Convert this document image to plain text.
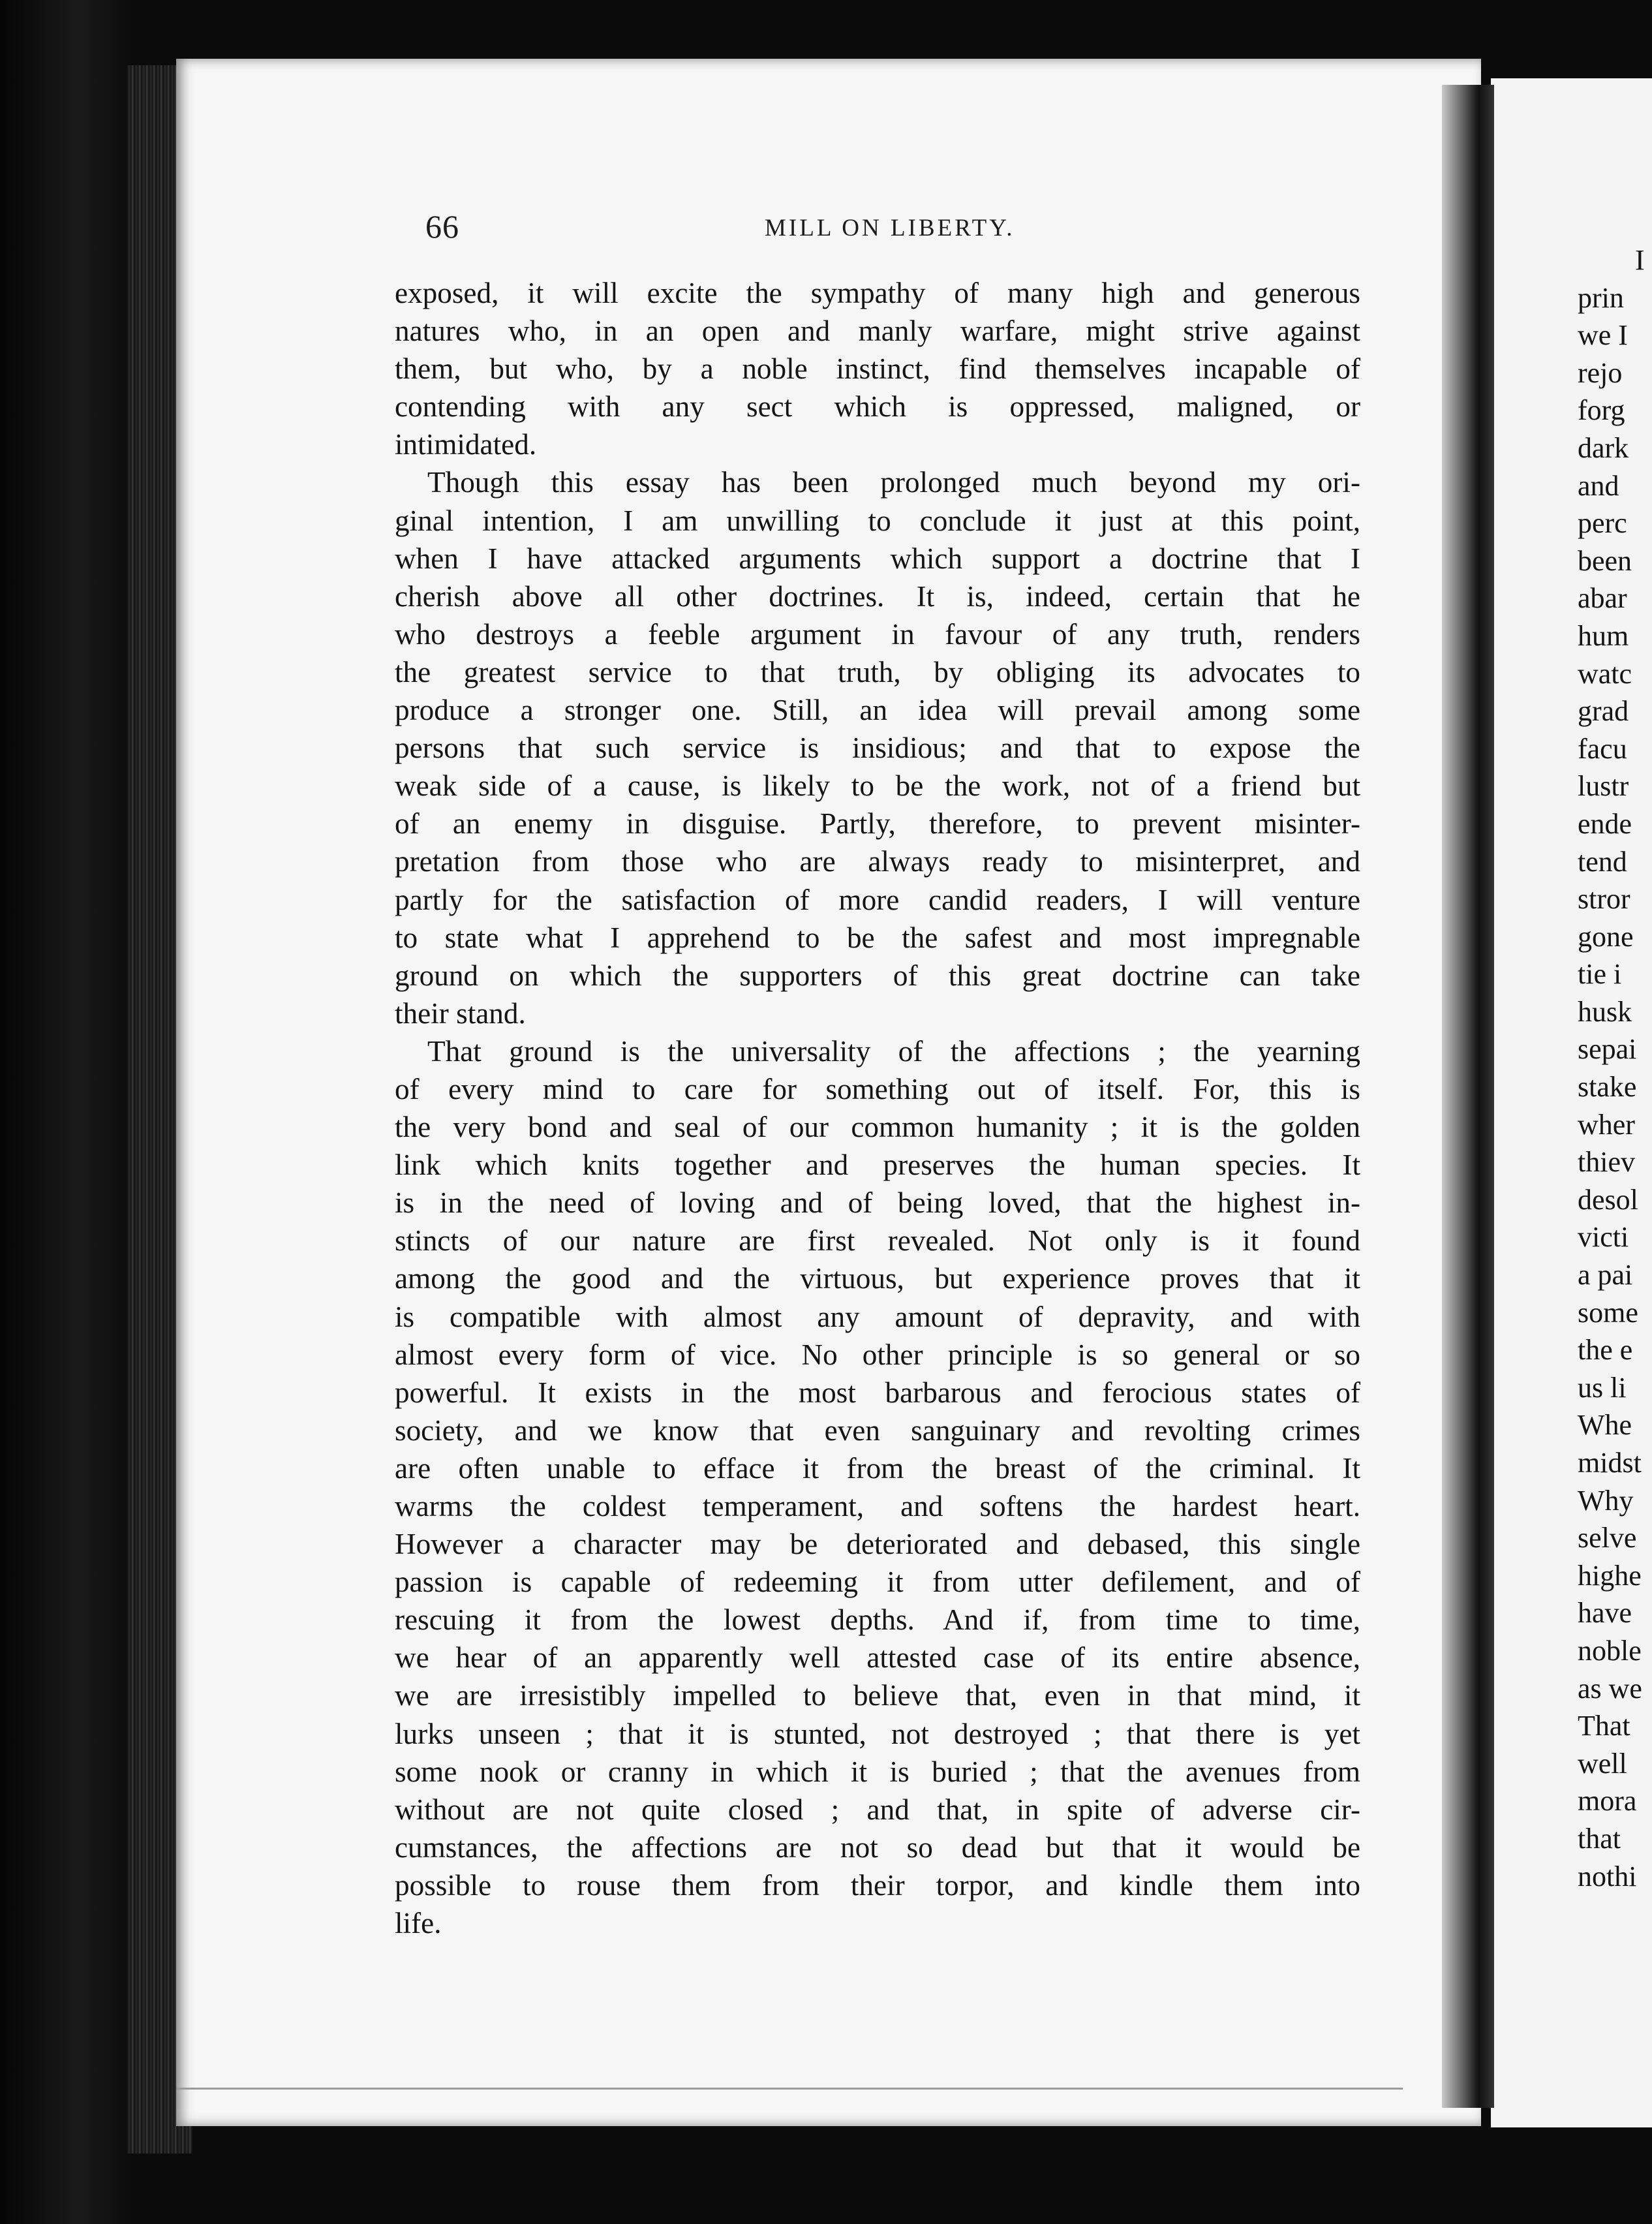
66	MILL ON LIBERTY.
exposed, it will excite the sympathy of many high and generous
natures who, in an open and manly warfare, might strive against
them, but who, by a noble instinct, find themselves incapable of
contending with any sect which is oppressed, maligned, or
intimidated.
Though this essay has been prolonged much beyond my ori-
ginal intention, I am unwilling to conclude it just at this point,
when I have attacked arguments which support a doctrine that I
cherish above all other doctrines. It is, indeed, certain that he
who destroys a feeble argument in favour of any truth, renders
the greatest service to that truth, by obliging its advocates to
produce a stronger one. Still, an idea will prevail among some
persons that such service is insidious; and that to expose the
weak side of a cause, is likely to be the work, not of a friend but
of an enemy in disguise. Partly, therefore, to prevent misinter-
pretation from those who are always ready to misinterpret, and
partly for the satisfaction of more candid readers, I will venture
to state what I apprehend to be the safest and most impregnable
ground on which the supporters of this great doctrine can take
their stand.
That ground is the universality of the affections ; the yearning
of every mind to care for something out of itself. For, this is
the very bond and seal of our common humanity ; it is the golden
link which knits together and preserves the human species. It
is in the need of loving and of being loved, that the highest in-
stincts of our nature are first revealed. Not only is it found
among the good and the virtuous, but experience proves that it
is compatible with almost any amount of depravity, and with
almost every form of vice. No other principle is so general or so
powerful. It exists in the most barbarous and ferocious states of
society, and we know that even sanguinary and revolting crimes
are often unable to efface it from the breast of the criminal. It
warms the coldest temperament, and softens the hardest heart.
However a character may be deteriorated and debased, this single
passion is capable of redeeming it from utter defilement, and of
rescuing it from the lowest depths. And if, from time to time,
we hear of an apparently well attested case of its entire absence,
we are irresistibly impelled to believe that, even in that mind, it
lurks unseen ; that it is stunted, not destroyed ; that there is yet
some nook or cranny in which it is buried ; that the avenues from
without are not quite closed ; and that, in spite of adverse cir-
cumstances, the affections are not so dead but that it would be
possible to rouse them from their torpor, and kindle them into
life.
I
prin
we I
rejo
forg
dark
and
perc
been
abar
hum
watc
grad
facu
lustr
ende
tend
stror
gone
tie i
husk
sepai
stake
wher
thiev
desol
victi
a pai
some
the e
us li
Whe
midst
Why
selve
highe
have
noble
as we
That
well
mora
that
nothi
